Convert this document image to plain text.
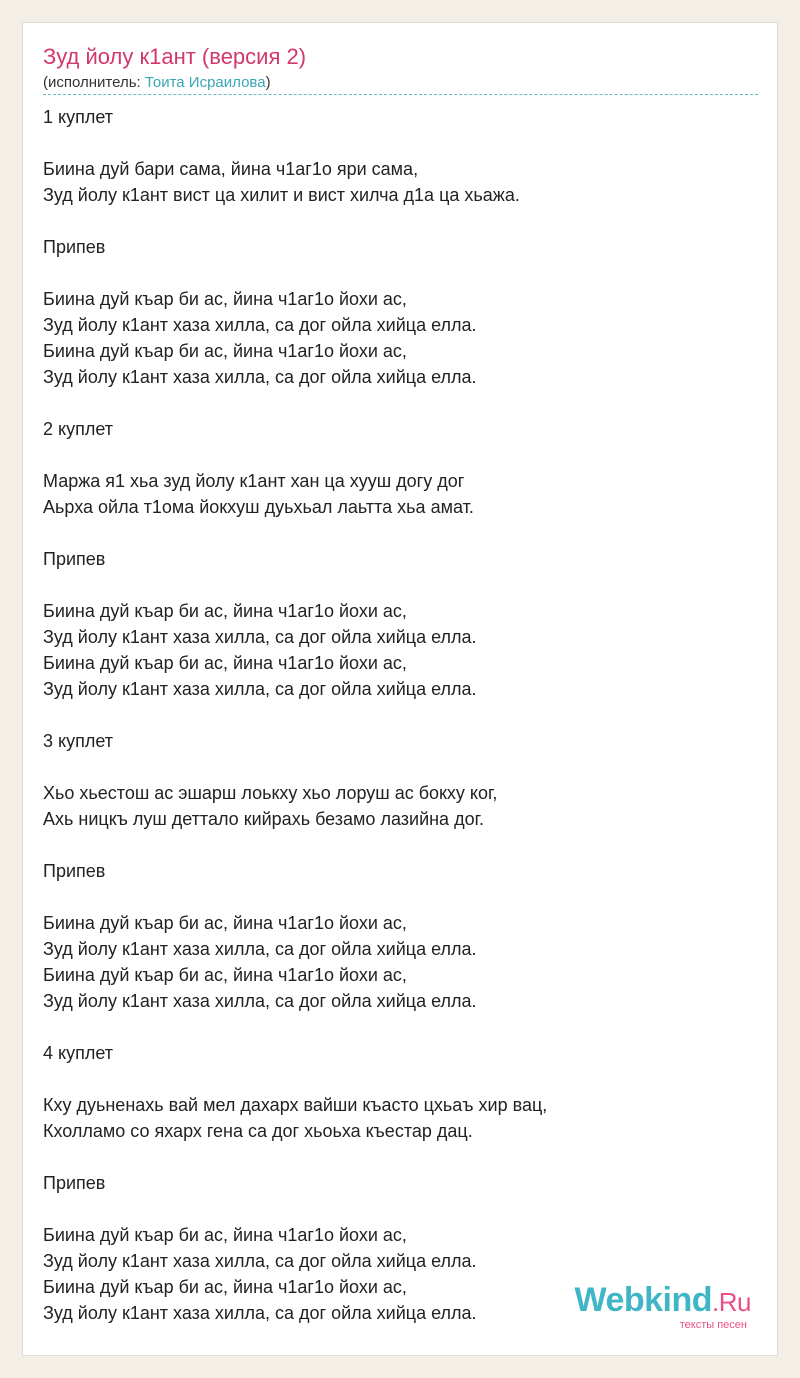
Зуд йолу к1ант (версия 2)
(исполнитель: Тоита Исраилова)
1 куплет
Биина дуй бари сама, йина ч1аг1о яри сама,
Зуд йолу к1ант вист ца хилит и вист хилча д1а ца хьажа.
Припев
Биина дуй къар би ас, йина ч1аг1о йохи ас,
Зуд йолу к1ант хаза хилла, са дог ойла хийца елла.
Биина дуй къар би ас, йина ч1аг1о йохи ас,
Зуд йолу к1ант хаза хилла, са дог ойла хийца елла.
2 куплет
Маржа я1 хьа зуд йолу к1ант хан ца хууш догу дог
Аьрха ойла т1ома йокхуш дуьхьал лаьтта хьа амат.
Припев
Биина дуй къар би ас, йина ч1аг1о йохи ас,
Зуд йолу к1ант хаза хилла, са дог ойла хийца елла.
Биина дуй къар би ас, йина ч1аг1о йохи ас,
Зуд йолу к1ант хаза хилла, са дог ойла хийца елла.
3 куплет
Хьо хьестош ас эшарш лоькху хьо лоруш ас бокху ког,
Ахь ницкъ луш деттало кийрахь безамо лазийна дог.
Припев
Биина дуй къар би ас, йина ч1аг1о йохи ас,
Зуд йолу к1ант хаза хилла, са дог ойла хийца елла.
Биина дуй къар би ас, йина ч1аг1о йохи ас,
Зуд йолу к1ант хаза хилла, са дог ойла хийца елла.
4 куплет
Кху дуьненахь вай мел дахарх вайши къасто цхьаъ хир вац,
Кхолламо со яхарх гена са дог хьоьха къестар дац.
Припев
Биина дуй къар би ас, йина ч1аг1о йохи ас,
Зуд йолу к1ант хаза хилла, са дог ойла хийца елла.
Биина дуй къар би ас, йина ч1аг1о йохи ас,
Зуд йолу к1ант хаза хилла, са дог ойла хийца елла.	Webkind.Ru
тексты песен
